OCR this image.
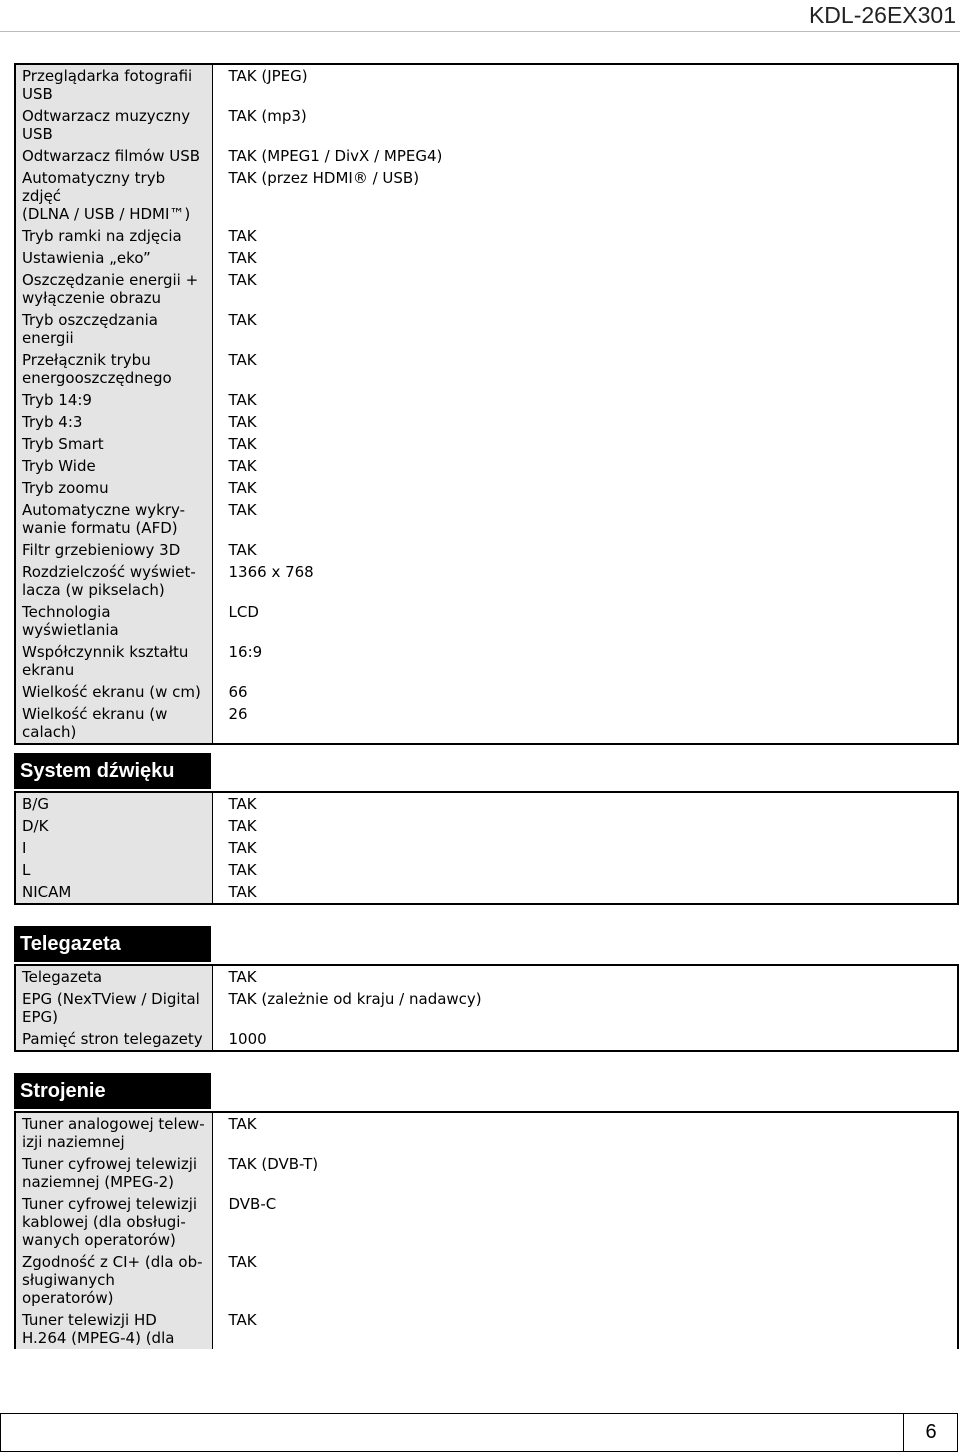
KDL-26EX301
Przeglądarka fotografii
USB	TAK (JPEG)
Odtwarzacz muzyczny
USB	TAK (mp3)
Odtwarzacz filmów USB	TAK (MPEG1 / DivX / MPEG4)
Automatyczny tryb zdjęć
(DLNA / USB / HDMI™)	TAK (przez HDMI® / USB)
Tryb ramki na zdjęcia	TAK
Ustawienia „eko”	TAK
Oszczędzanie energii +
wyłączenie obrazu	TAK
Tryb oszczędzania
energii	TAK
Przełącznik trybu
energooszczędnego	TAK
Tryb 14:9	TAK
Tryb 4:3	TAK
Tryb Smart	TAK
Tryb Wide	TAK
Tryb zoomu	TAK
Automatyczne wykry-
wanie formatu (AFD)	TAK
Filtr grzebieniowy 3D	TAK
Rozdzielczość wyświet-
lacza (w pikselach)	1366 x 768
Technologia
wyświetlania	LCD
Współczynnik kształtu
ekranu	16:9
Wielkość ekranu (w cm)	66
Wielkość ekranu (w
calach)	26
System dźwięku
B/G	TAK
D/K	TAK
I	TAK
L	TAK
NICAM	TAK
Telegazeta
Telegazeta	TAK
EPG (NexTView / Digital
EPG)	TAK (zależnie od kraju / nadawcy)
Pamięć stron telegazety	1000
Strojenie
Tuner analogowej telew-
izji naziemnej	TAK
Tuner cyfrowej telewizji
naziemnej (MPEG-2)	TAK (DVB-T)
Tuner cyfrowej telewizji
kablowej (dla obsługi-
wanych operatorów)	DVB-C
Zgodność z CI+ (dla ob-
sługiwanych
operatorów)	TAK
Tuner telewizji HD
H.264 (MPEG-4) (dla	TAK
6
